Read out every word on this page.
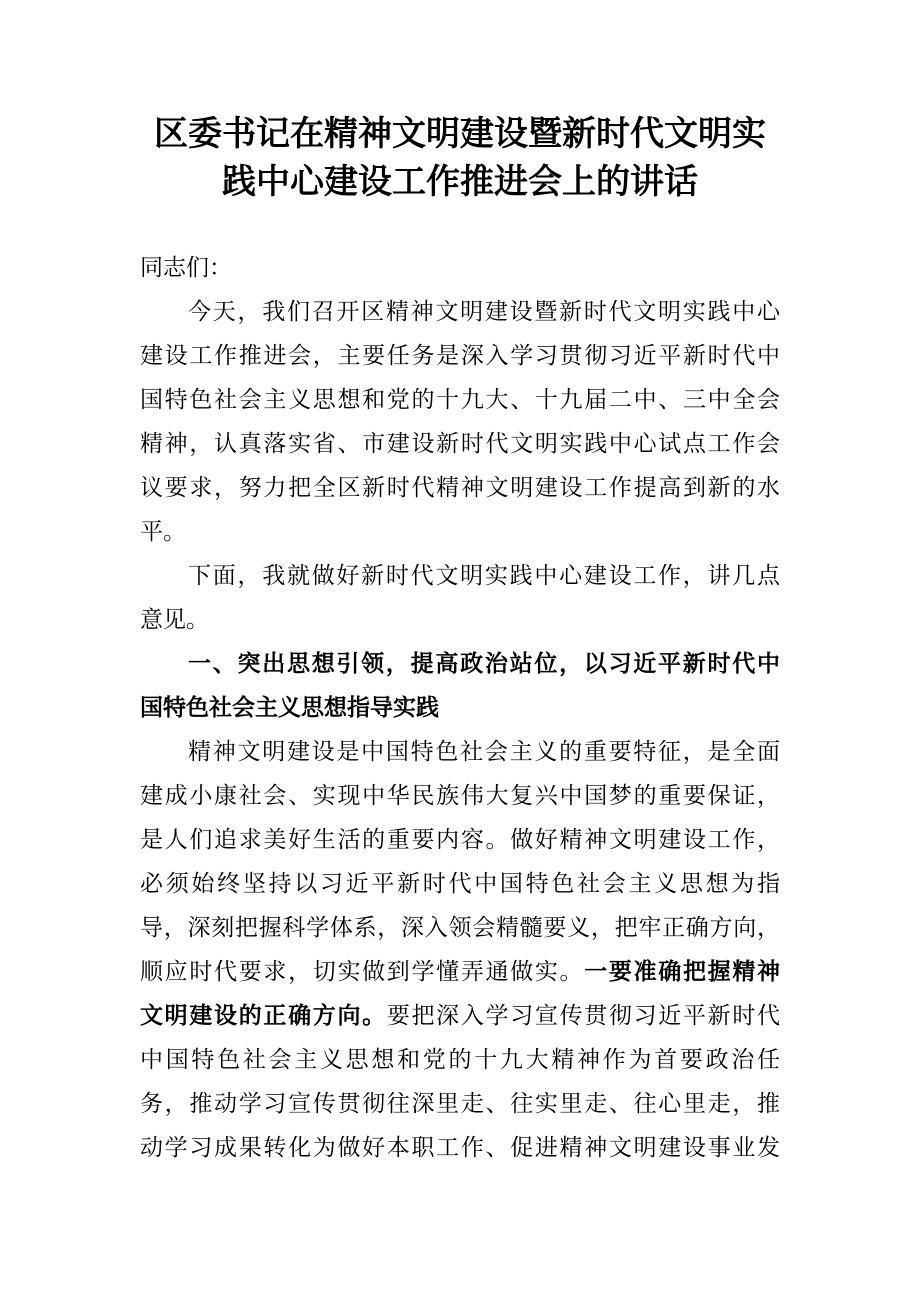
区委书记在精神文明建设暨新时代文明实
践中心建设工作推进会上的讲话
同志们：
今天，我们召开区精神文明建设暨新时代文明实践中心
建设工作推进会，主要任务是深入学习贯彻习近平新时代中
国特色社会主义思想和党的十九大、十九届二中、三中全会
精神，认真落实省、市建设新时代文明实践中心试点工作会
议要求，努力把全区新时代精神文明建设工作提高到新的水
平。
下面，我就做好新时代文明实践中心建设工作，讲几点
意见。
一、突出思想引领，提高政治站位，以习近平新时代中
国特色社会主义思想指导实践
精神文明建设是中国特色社会主义的重要特征，是全面
建成小康社会、实现中华民族伟大复兴中国梦的重要保证，
是人们追求美好生活的重要内容。做好精神文明建设工作，
必须始终坚持以习近平新时代中国特色社会主义思想为指
导，深刻把握科学体系，深入领会精髓要义，把牢正确方向，
顺应时代要求，切实做到学懂弄通做实。一要准确把握精神
文明建设的正确方向。要把深入学习宣传贯彻习近平新时代
中国特色社会主义思想和党的十九大精神作为首要政治任
务，推动学习宣传贯彻往深里走、往实里走、往心里走，推
动学习成果转化为做好本职工作、促进精神文明建设事业发
